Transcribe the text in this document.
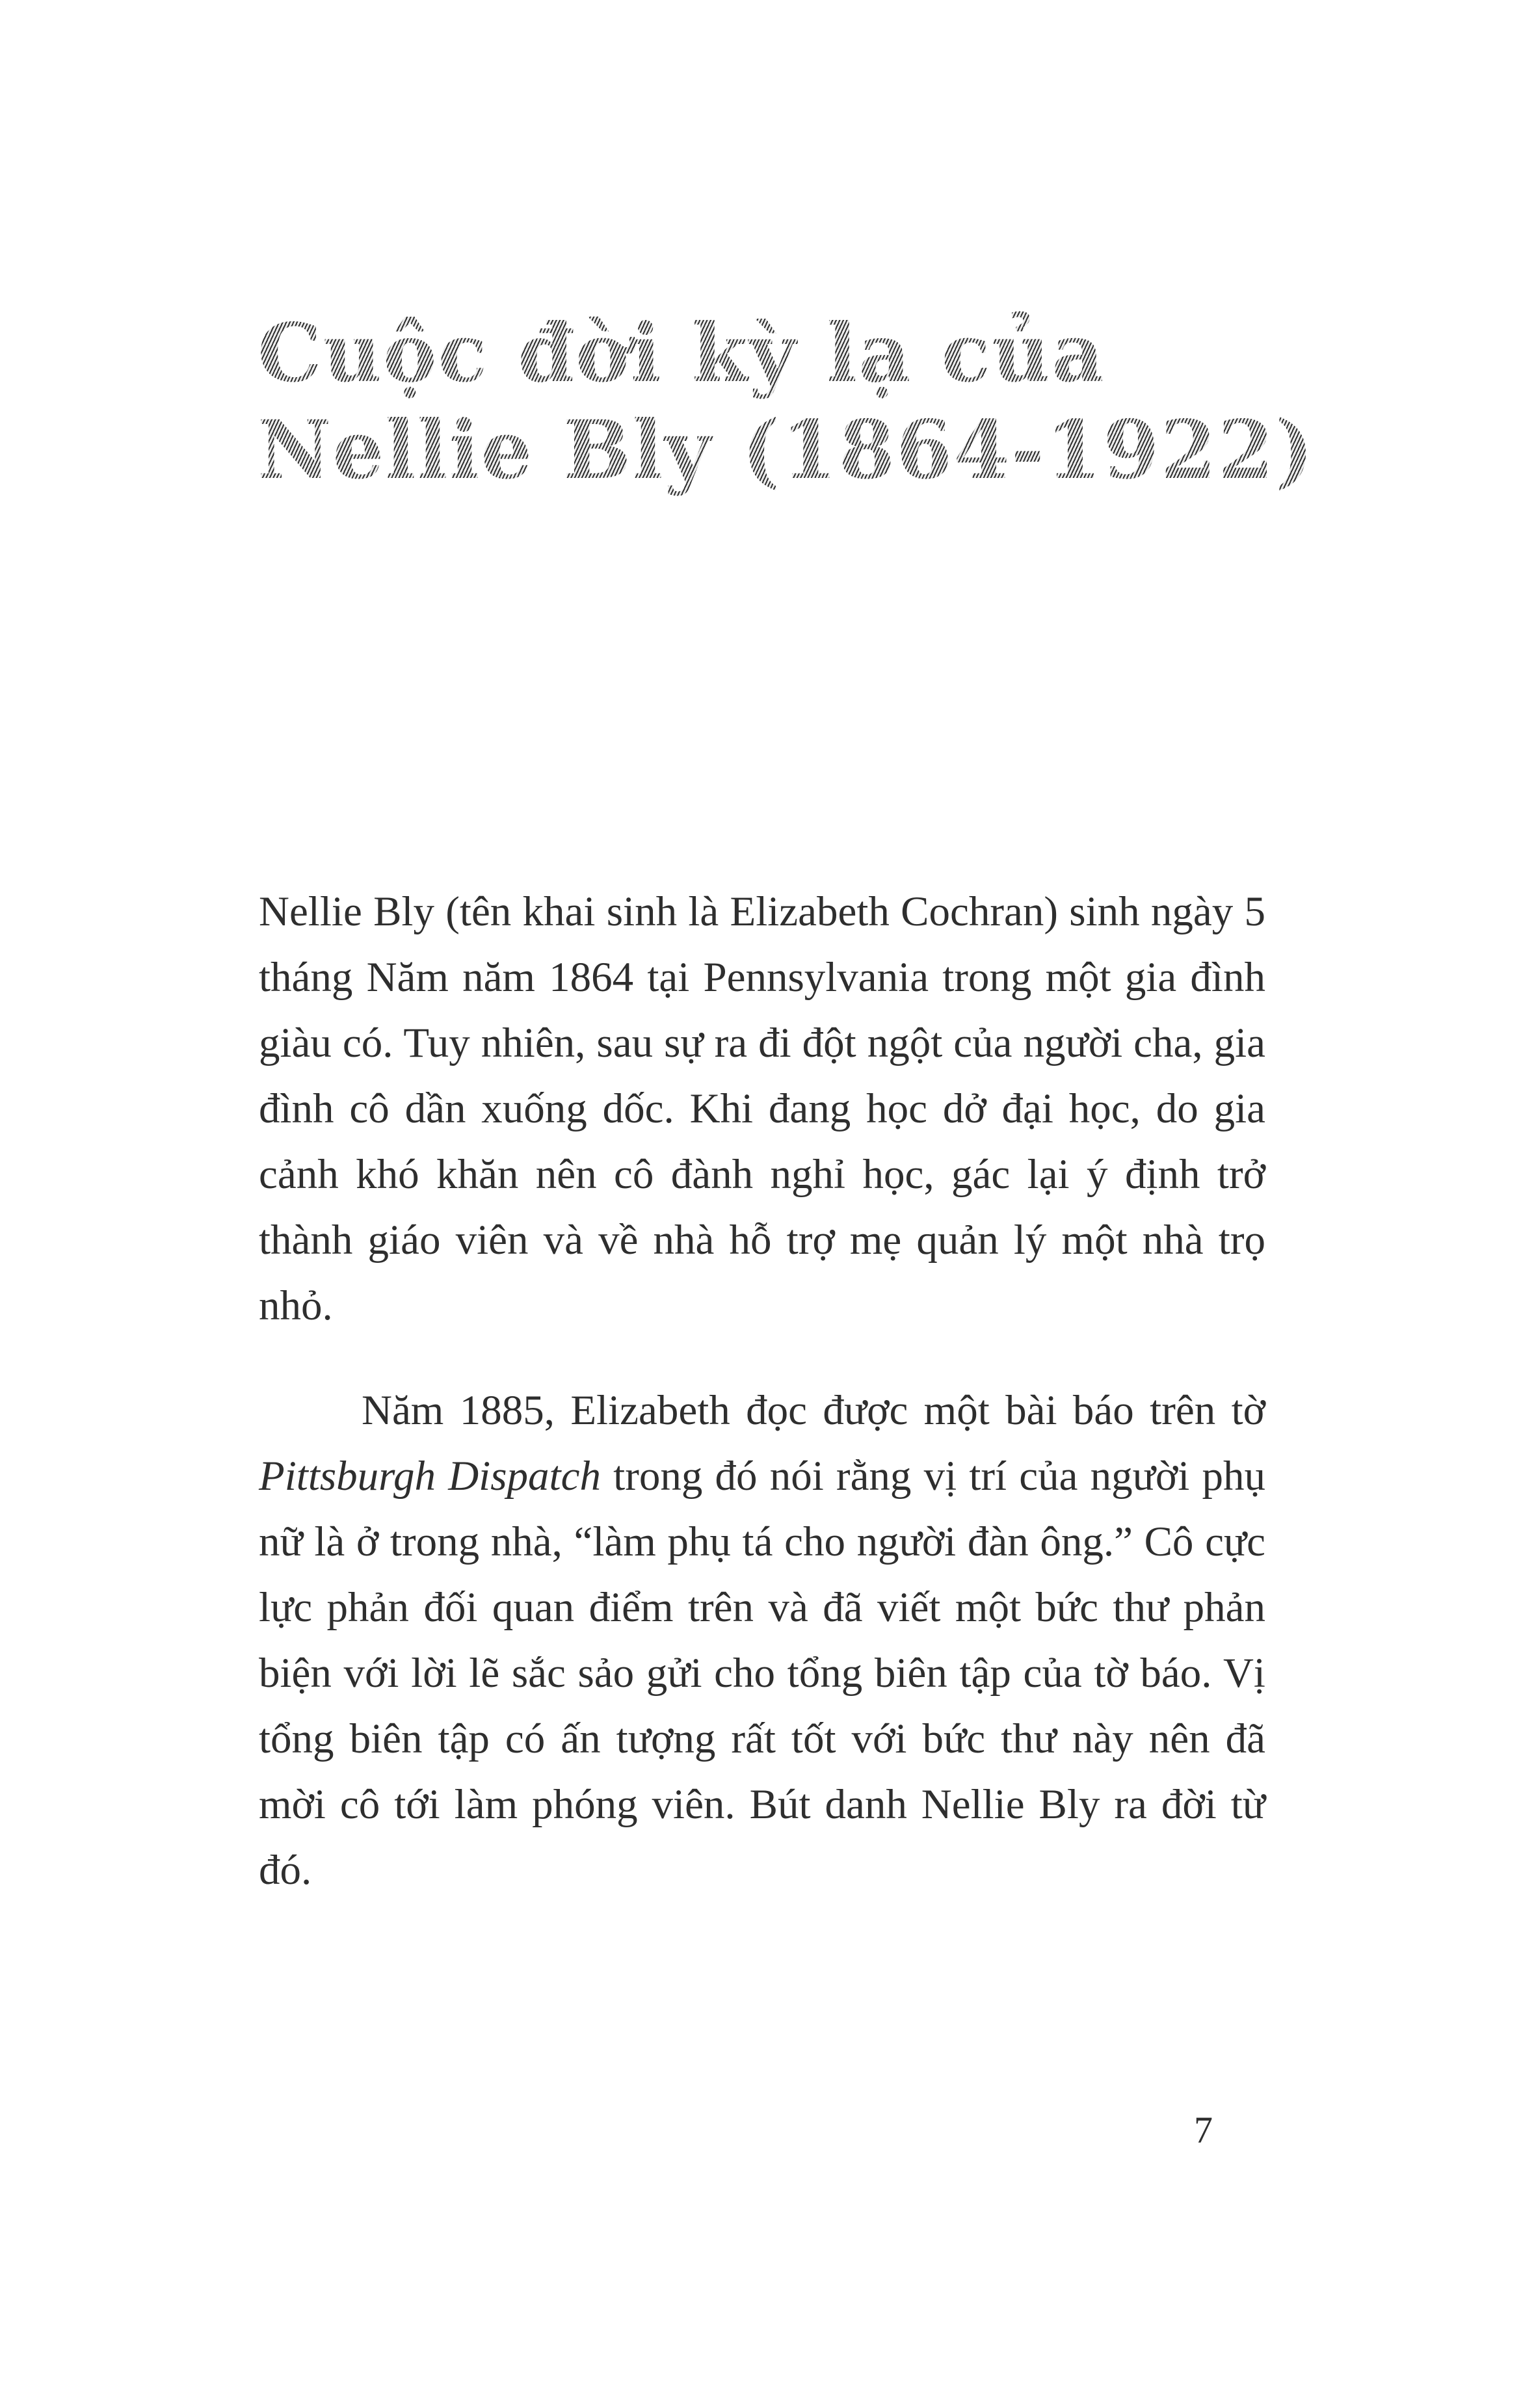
Cuộc đời kỳ lạ của
Nellie Bly (1864-1922)

Nellie Bly (tên khai sinh là Elizabeth Cochran) sinh ngày 5 tháng Năm năm 1864 tại Pennsylvania trong một gia đình giàu có. Tuy nhiên, sau sự ra đi đột ngột của người cha, gia đình cô dần xuống dốc. Khi đang học dở đại học, do gia cảnh khó khăn nên cô đành nghỉ học, gác lại ý định trở thành giáo viên và về nhà hỗ trợ mẹ quản lý một nhà trọ nhỏ.

Năm 1885, Elizabeth đọc được một bài báo trên tờ Pittsburgh Dispatch trong đó nói rằng vị trí của người phụ nữ là ở trong nhà, “làm phụ tá cho người đàn ông.” Cô cực lực phản đối quan điểm trên và đã viết một bức thư phản biện với lời lẽ sắc sảo gửi cho tổng biên tập của tờ báo. Vị tổng biên tập có ấn tượng rất tốt với bức thư này nên đã mời cô tới làm phóng viên. Bút danh Nellie Bly ra đời từ đó.

7
